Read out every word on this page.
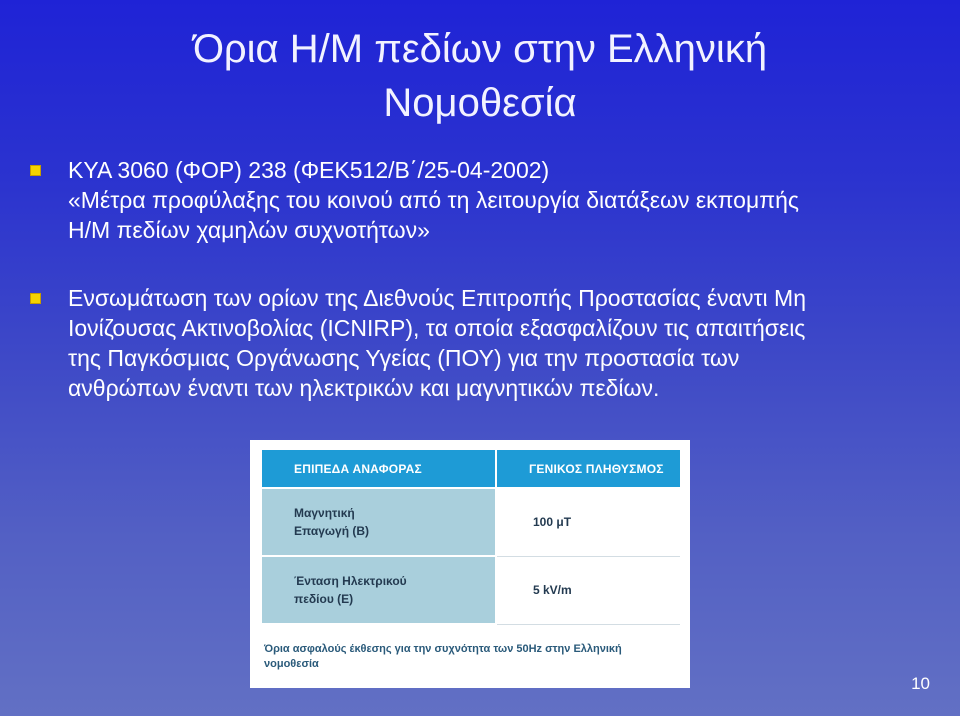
Όρια Η/Μ πεδίων στην Ελληνική
Νομοθεσία
ΚΥΑ 3060 (ΦΟΡ) 238 (ΦΕΚ512/Β΄/25-04-2002)
«Μέτρα προφύλαξης του κοινού από τη λειτουργία διατάξεων εκπομπής
Η/Μ πεδίων χαμηλών συχνοτήτων»
Ενσωμάτωση των ορίων της Διεθνούς Επιτροπής Προστασίας έναντι Μη
Ιονίζουσας Ακτινοβολίας (ICNIRP), τα οποία εξασφαλίζουν τις απαιτήσεις
της Παγκόσμιας Οργάνωσης Υγείας (ΠΟΥ) για την προστασία των
ανθρώπων έναντι των ηλεκτρικών και μαγνητικών πεδίων.
ΕΠΙΠΕΔΑ ΑΝΑΦΟΡΑΣ	ΓΕΝΙΚΟΣ ΠΛΗΘΥΣΜΟΣ

Μαγνητική
Επαγωγή (Β)	100 μT

Ένταση Ηλεκτρικού
πεδίου (Ε)	5 kV/m
Όρια ασφαλούς έκθεσης για την συχνότητα των 50Hz στην Ελληνική
νομοθεσία
10
